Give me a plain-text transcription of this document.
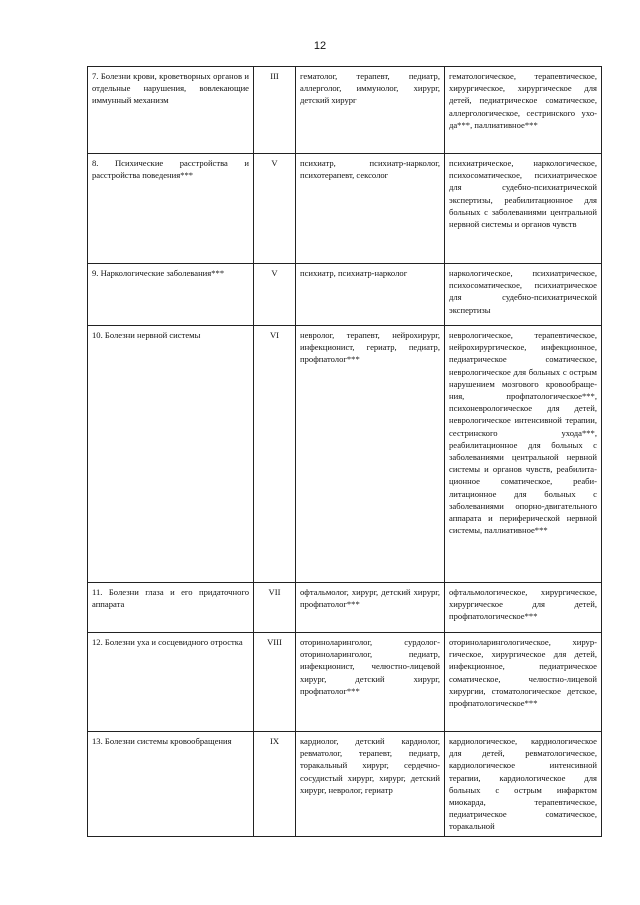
12
7. Болезни крови, кроветворных органов и отдельные нарушения, вовлекающие иммунный механизм	III	гематолог, терапевт, педиатр, аллерголог, иммунолог, хирург, детский хирург	гематологическое, терапевтическое, хирургическое, хирургическое для детей, педиатрическое соматическое, аллергологическое, сестринского ухода***, паллиативное***
8. Психические расстройства и расстройства поведения***	V	психиатр, психиатр-нарколог, психотерапевт, сексолог	психиатрическое, наркологическое, психосоматическое, психиатрическое для судебно-психиатрической экспертизы, реабилитационное для больных с заболеваниями центральной нервной системы и органов чувств
9. Наркологические заболевания***	V	психиатр, психиатр-нарколог	наркологическое, психиатрическое, психосоматическое, психиатрическое для судебно-психиатрической экспертизы
10. Болезни нервной системы	VI	невролог, терапевт, нейрохирург, инфекционист, гериатр, педиатр, профпатолог***	неврологическое, терапевтическое, нейрохирургическое, инфекционное, педиатрическое соматическое, неврологическое для больных с острым нарушением мозгового кровообращения, профпатологическое***, психоневрологическое для детей, неврологическое интенсивной терапии, сестринского ухода***, реабилитационное для больных с заболеваниями центральной нервной системы и органов чувств, реабилитационное соматическое, реабилитационное для больных с заболеваниями опорно-двигательного аппарата и периферической нервной системы, паллиативное***
11. Болезни глаза и его придаточного аппарата	VII	офтальмолог, хирург, детский хирург, профпатолог***	офтальмологическое, хирургическое, хирургическое для детей, профпатологическое***
12. Болезни уха и сосцевидного отростка	VIII	оториноларинголог, сурдолог-оториноларинголог, педиатр, инфекционист, челюстно-лицевой хирург, детский хирург, профпатолог***	оториноларингологическое, хирургическое, хирургическое для детей, инфекционное, педиатрическое соматическое, челюстно-лицевой хирургии, стоматологическое детское, профпатологическое***
13. Болезни системы кровообращения	IX	кардиолог, детский кардиолог, ревматолог, терапевт, педиатр, торакальный хирург, сердечно-сосудистый хирург, хирург, детский хирург, невролог, гериатр	кардиологическое, кардиологическое для детей, ревматологическое, кардиологическое интенсивной терапии, кардиологическое для больных с острым инфарктом миокарда, терапевтическое, педиатрическое соматическое, торакальной
